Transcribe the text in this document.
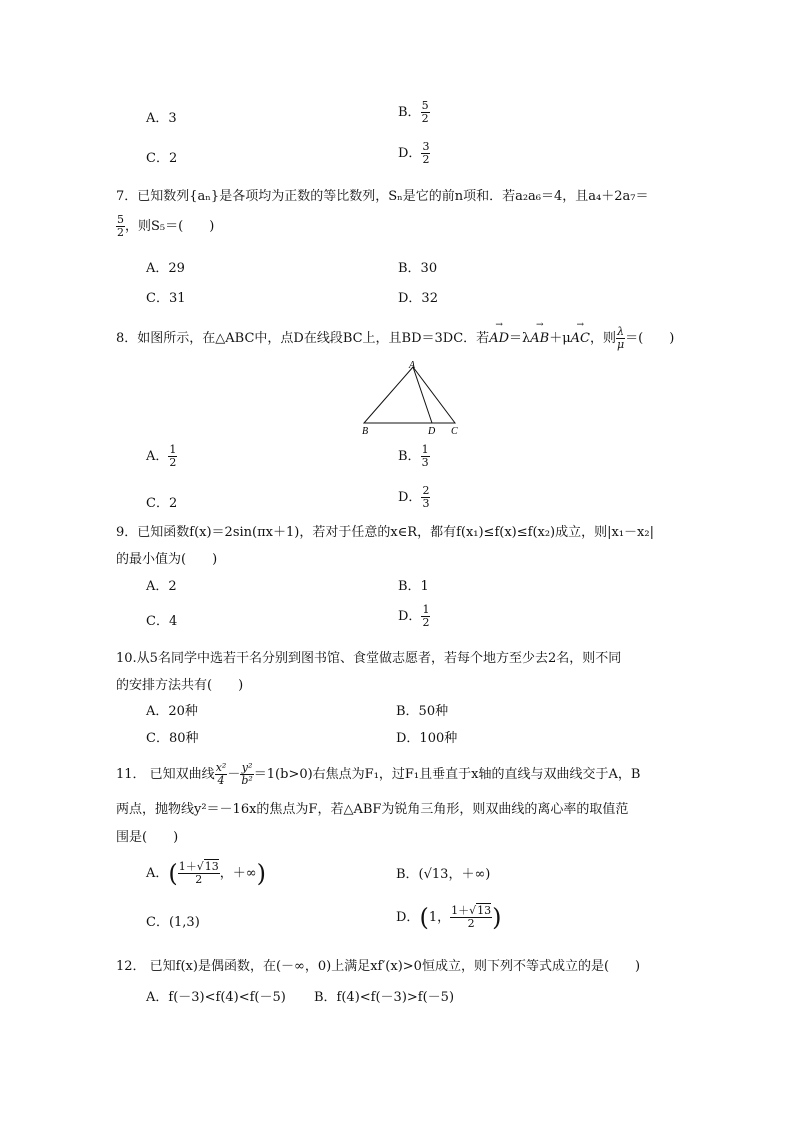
A．3	B． $\frac{5}{2}$
C．2	D． $\frac{3}{2}$
7．已知数列{aₙ}是各项均为正数的等比数列，Sₙ是它的前n项和．若a₂a₆＝4，且a₄＋2a₇＝
$\frac{5}{2}$ ，则S₅＝(　　)
A．29	B．30
C．31	D．32
8．如图所示，在△ABC中，点D在线段BC上，且BD＝3DC．若→ AD＝λ→ AB＋μ→ AC，则 $\frac{\lambda}{\mu}$ ＝(　　)
A
B	D C
A． $\frac{1}{2}$	B． $\frac{1}{3}$
C．2	D． $\frac{2}{3}$
9．已知函数f(x)＝2sin(πx＋1)，若对于任意的x∈R，都有f(x₁)≤f(x)≤f(x₂)成立，则|x₁－x₂|
的最小值为(　　)
A．2	B．1
C．4	D． $\frac{1}{2}$
10.从5名同学中选若干名分别到图书馆、食堂做志愿者，若每个地方至少去2名，则不同
的安排方法共有(　　)
A．20种	B．50种
C．80种	D．100种
11． 已知双曲线 $\frac{\text{x²}}{4} - \frac{\text{y²}}{\text{b²}} =1(b>0)$右焦点为F₁，过F₁且垂直于x轴的直线与双曲线交于A，B
两点，抛物线y²＝－16x的焦点为F，若△ABF为锐角三角形，则双曲线的离心率的取值范
围是(　　)
A．( $\frac{1+√13}{2}$ ，＋∞)	B．(√13，＋∞)
C．(1,3)	D．(1， $\frac{1+√13}{2}$ )
12． 已知f(x)是偶函数，在(－∞，0)上满足xf′(x)>0恒成立，则下列不等式成立的是(　　)
A．f(－3)<f(4)<f(－5) B．f(4)<f(－3)>f(－5)
